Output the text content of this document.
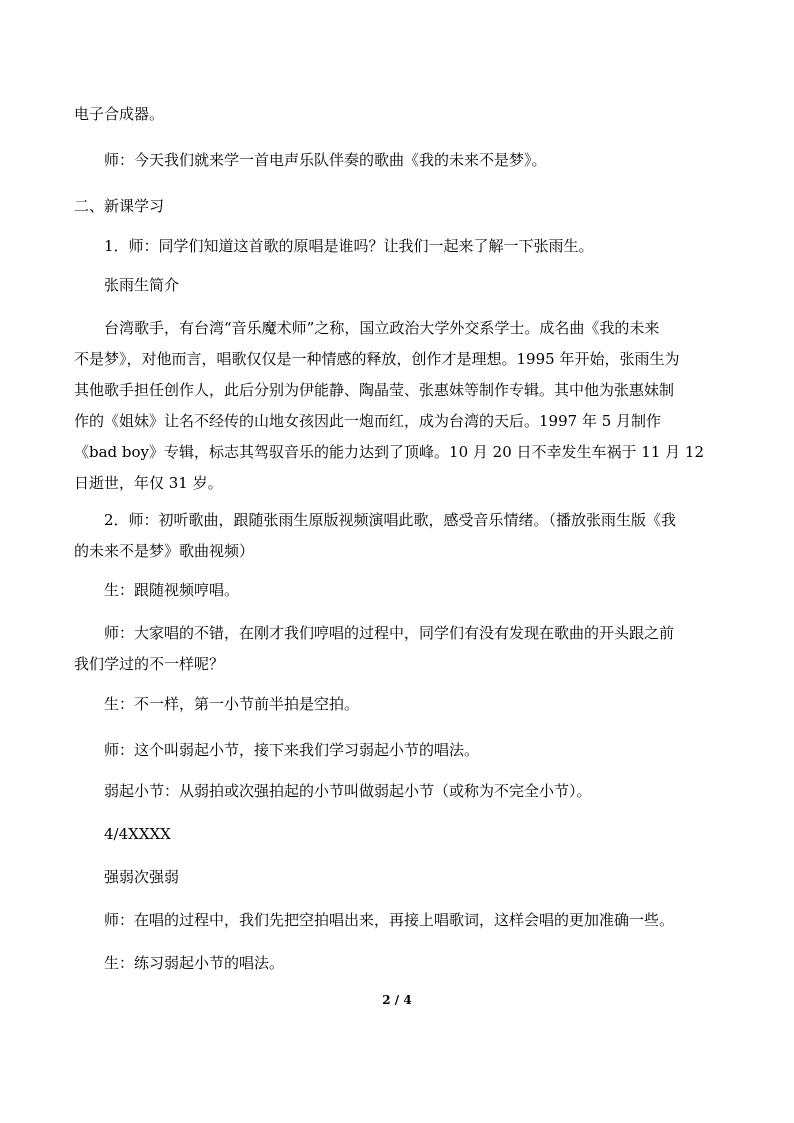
电子合成器。
师：今天我们就来学一首电声乐队伴奏的歌曲《我的未来不是梦》。
二、新课学习
1．师：同学们知道这首歌的原唱是谁吗？让我们一起来了解一下张雨生。
张雨生简介
台湾歌手，有台湾“音乐魔术师”之称，国立政治大学外交系学士。成名曲《我的未来
不是梦》，对他而言，唱歌仅仅是一种情感的释放，创作才是理想。1995 年开始，张雨生为
其他歌手担任创作人，此后分别为伊能静、陶晶莹、张惠妹等制作专辑。其中他为张惠妹制
作的《姐妹》让名不经传的山地女孩因此一炮而红，成为台湾的天后。1997 年 5 月制作
《bad boy》专辑，标志其驾驭音乐的能力达到了顶峰。10 月 20 日不幸发生车祸于 11 月 12
日逝世，年仅 31 岁。
2．师：初听歌曲，跟随张雨生原版视频演唱此歌，感受音乐情绪。（播放张雨生版《我
的未来不是梦》歌曲视频）
生：跟随视频哼唱。
师：大家唱的不错，在刚才我们哼唱的过程中，同学们有没有发现在歌曲的开头跟之前
我们学过的不一样呢？
生：不一样，第一小节前半拍是空拍。
师：这个叫弱起小节，接下来我们学习弱起小节的唱法。
弱起小节：从弱拍或次强拍起的小节叫做弱起小节（或称为不完全小节）。
4/4XXXX
强弱次强弱
师：在唱的过程中，我们先把空拍唱出来，再接上唱歌词，这样会唱的更加准确一些。
生：练习弱起小节的唱法。
2 / 4
